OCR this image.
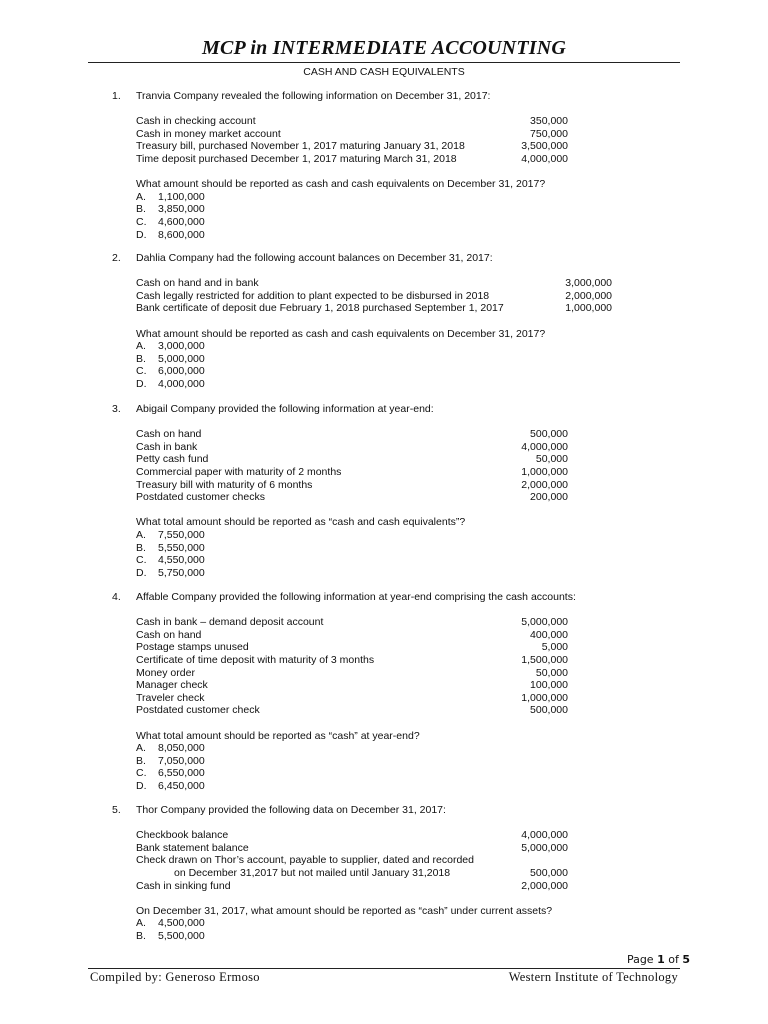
MCP in INTERMEDIATE ACCOUNTING
CASH AND CASH EQUIVALENTS
1.	Tranvia Company revealed the following information on December 31, 2017:
Cash in checking account	350,000
Cash in money market account	750,000
Treasury bill, purchased November 1, 2017 maturing January 31, 2018	3,500,000
Time deposit purchased December 1, 2017 maturing March 31, 2018	4,000,000
What amount should be reported as cash and cash equivalents on December 31, 2017?
A. 1,100,000
B. 3,850,000
C. 4,600,000
D. 8,600,000
2.	Dahlia Company had the following account balances on December 31, 2017:
Cash on hand and in bank	3,000,000
Cash legally restricted for addition to plant expected to be disbursed in 2018	2,000,000
Bank certificate of deposit due February 1, 2018 purchased September 1, 2017	1,000,000
What amount should be reported as cash and cash equivalents on December 31, 2017?
A. 3,000,000
B. 5,000,000
C. 6,000,000
D. 4,000,000
3.	Abigail Company provided the following information at year-end:
Cash on hand	500,000
Cash in bank	4,000,000
Petty cash fund	50,000
Commercial paper with maturity of 2 months	1,000,000
Treasury bill with maturity of 6 months	2,000,000
Postdated customer checks	200,000
What total amount should be reported as “cash and cash equivalents”?
A. 7,550,000
B. 5,550,000
C. 4,550,000
D. 5,750,000
4.	Affable Company provided the following information at year-end comprising the cash accounts:
Cash in bank – demand deposit account	5,000,000
Cash on hand	400,000
Postage stamps unused	5,000
Certificate of time deposit with maturity of 3 months	1,500,000
Money order	50,000
Manager check	100,000
Traveler check	1,000,000
Postdated customer check	500,000
What total amount should be reported as “cash” at year-end?
A. 8,050,000
B. 7,050,000
C. 6,550,000
D. 6,450,000
5.	Thor Company provided the following data on December 31, 2017:
Checkbook balance	4,000,000
Bank statement balance	5,000,000
Check drawn on Thor’s account, payable to supplier, dated and recorded
on December 31,2017 but not mailed until January 31,2018	500,000
Cash in sinking fund	2,000,000
On December 31, 2017, what amount should be reported as “cash” under current assets?
A. 4,500,000
B. 5,500,000
Page 1 of 5
Compiled by: Generoso Ermoso	Western Institute of Technology
